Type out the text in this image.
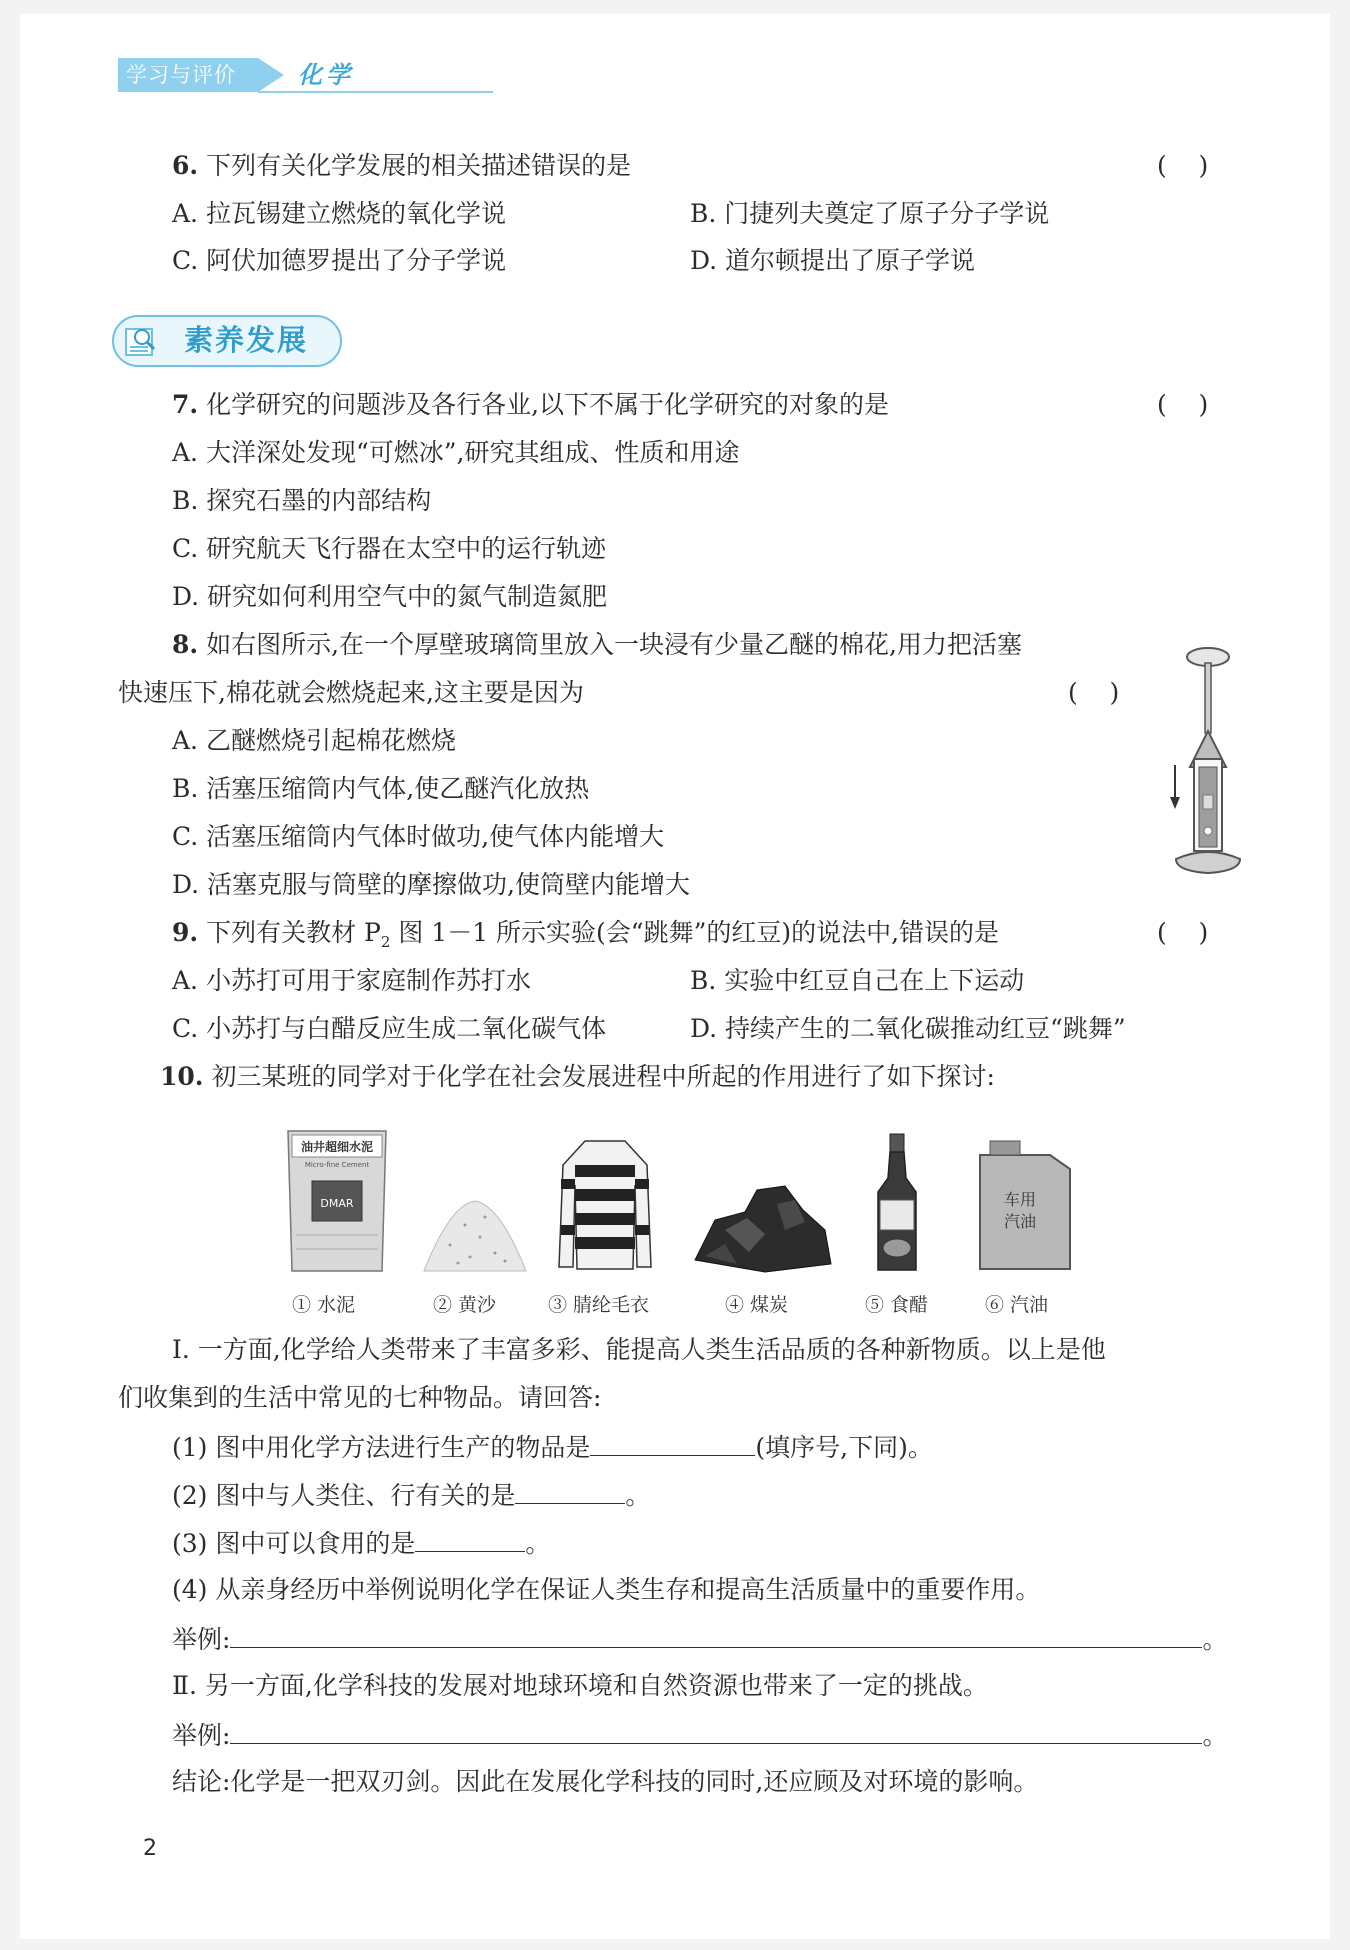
学习与评价	化学
6. 下列有关化学发展的相关描述错误的是	(    )
A. 拉瓦锡建立燃烧的氧化学说	B. 门捷列夫奠定了原子分子学说
C. 阿伏加德罗提出了分子学说	D. 道尔顿提出了原子学说
素养发展
7. 化学研究的问题涉及各行各业,以下不属于化学研究的对象的是	(    )
A. 大洋深处发现“可燃冰”,研究其组成、性质和用途
B. 探究石墨的内部结构
C. 研究航天飞行器在太空中的运行轨迹
D. 研究如何利用空气中的氮气制造氮肥
8. 如右图所示,在一个厚壁玻璃筒里放入一块浸有少量乙醚的棉花,用力把活塞
快速压下,棉花就会燃烧起来,这主要是因为	(    )
A. 乙醚燃烧引起棉花燃烧
B. 活塞压缩筒内气体,使乙醚汽化放热
C. 活塞压缩筒内气体时做功,使气体内能增大
D. 活塞克服与筒壁的摩擦做功,使筒壁内能增大
9. 下列有关教材 $P_2$ 图 1－1 所示实验(会“跳舞”的红豆)的说法中,错误的是	(    )
A. 小苏打可用于家庭制作苏打水	B. 实验中红豆自己在上下运动
C. 小苏打与白醋反应生成二氧化碳气体	D. 持续产生的二氧化碳推动红豆“跳舞”
10. 初三某班的同学对于化学在社会发展进程中所起的作用进行了如下探讨:
油井超细水泥
Micro-fine Cement
DMAR	车用
汽油
① 水泥	② 黄沙	③ 腈纶毛衣	④ 煤炭	⑤ 食醋	⑥ 汽油
Ⅰ. 一方面,化学给人类带来了丰富多彩、能提高人类生活品质的各种新物质。以上是他
们收集到的生活中常见的七种物品。请回答:
(1) 图中用化学方法进行生产的物品是	(填序号,下同)。
(2) 图中与人类住、行有关的是	。
(3) 图中可以食用的是	。
(4) 从亲身经历中举例说明化学在保证人类生存和提高生活质量中的重要作用。
举例:	。
Ⅱ. 另一方面,化学科技的发展对地球环境和自然资源也带来了一定的挑战。
举例:	。
结论:化学是一把双刃剑。因此在发展化学科技的同时,还应顾及对环境的影响。
2
